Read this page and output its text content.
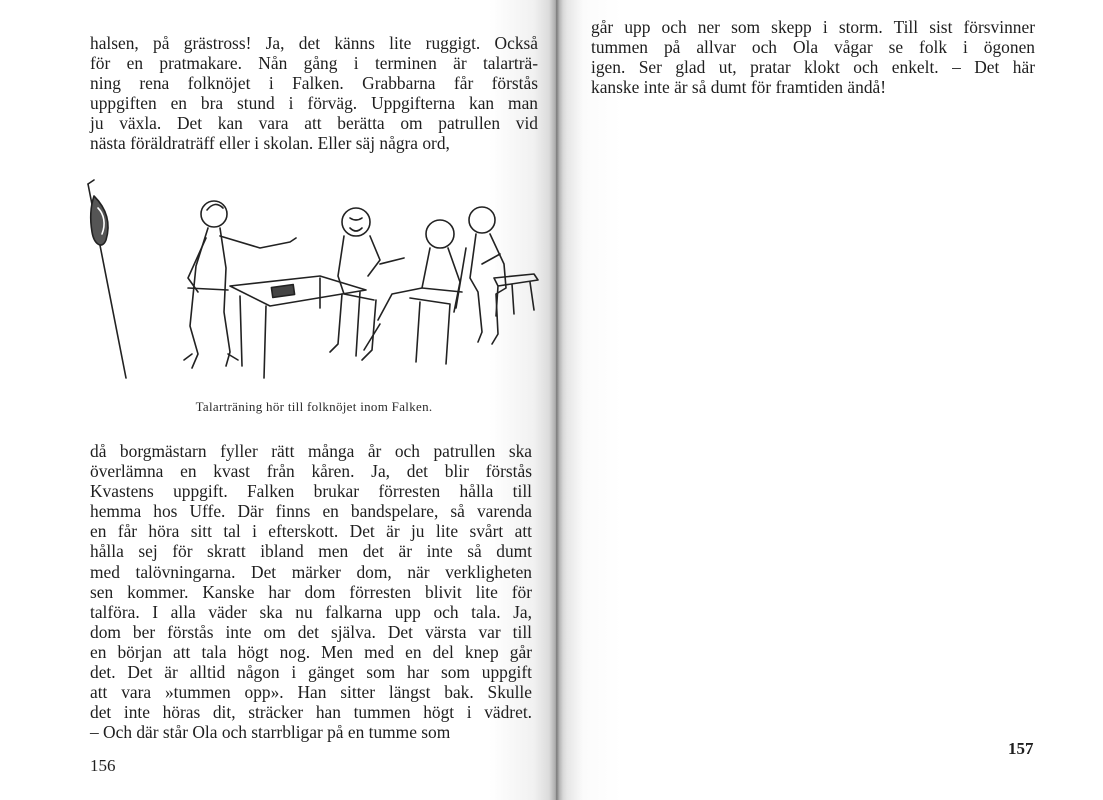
halsen, på grästross! Ja, det känns lite ruggigt. Också
för en pratmakare. Nån gång i terminen är talarträ-
ning rena folknöjet i Falken. Grabbarna får förstås
uppgiften en bra stund i förväg. Uppgifterna kan man
ju växla. Det kan vara att berätta om patrullen vid
nästa föräldraträff eller i skolan. Eller säj några ord,

Talarträning hör till folknöjet inom Falken.

då borgmästarn fyller rätt många år och patrullen ska
överlämna en kvast från kåren. Ja, det blir förstås
Kvastens uppgift. Falken brukar förresten hålla till
hemma hos Uffe. Där finns en bandspelare, så varenda
en får höra sitt tal i efterskott. Det är ju lite svårt att
hålla sej för skratt ibland men det är inte så dumt
med talövningarna. Det märker dom, när verkligheten
sen kommer. Kanske har dom förresten blivit lite för
talföra. I alla väder ska nu falkarna upp och tala. Ja,
dom ber förstås inte om det själva. Det värsta var till
en början att tala högt nog. Men med en del knep går
det. Det är alltid någon i gänget som har som uppgift
att vara »tummen opp». Han sitter längst bak. Skulle
det inte höras dit, sträcker han tummen högt i vädret.
– Och där står Ola och starrbligar på en tumme som

156

går upp och ner som skepp i storm. Till sist försvinner
tummen på allvar och Ola vågar se folk i ögonen
igen. Ser glad ut, pratar klokt och enkelt. – Det här
kanske inte är så dumt för framtiden ändå!

157
